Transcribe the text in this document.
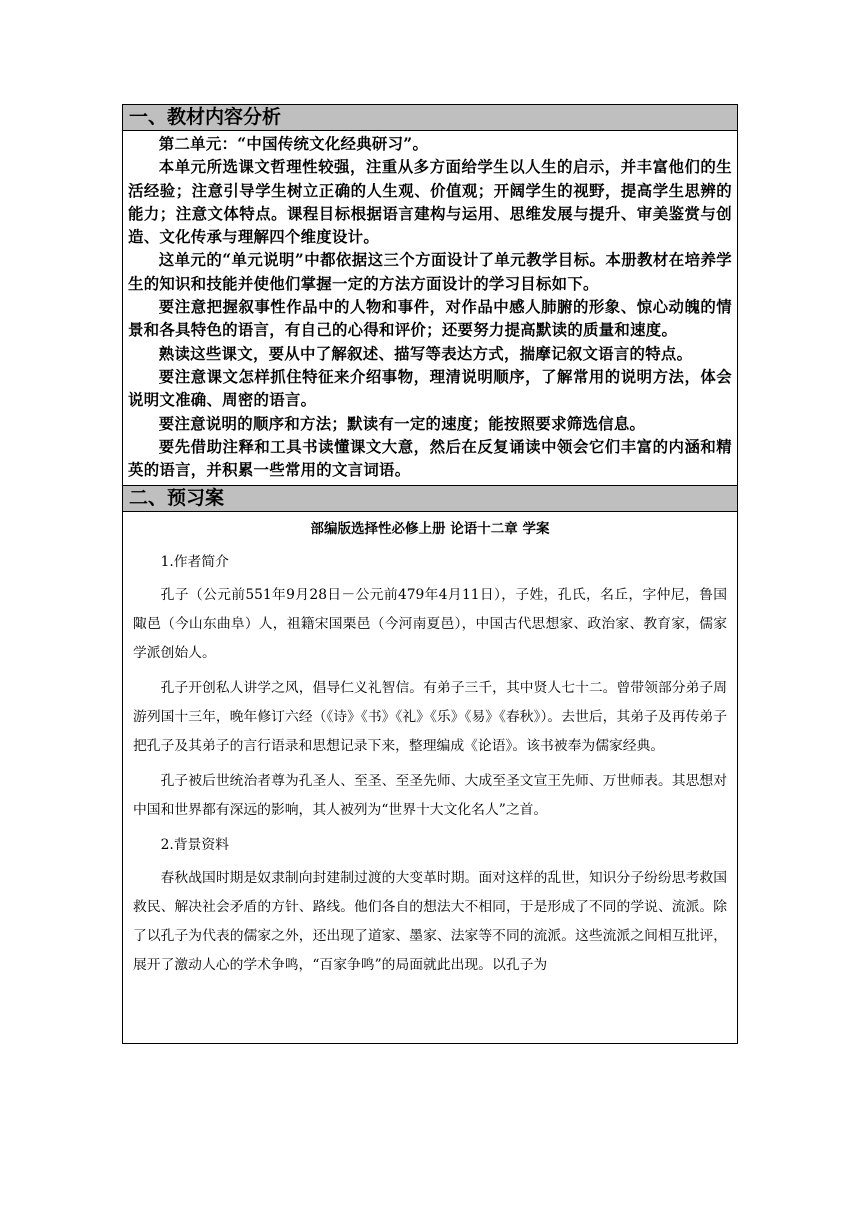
一、教材内容分析

第二单元：“中国传统文化经典研习”。

本单元所选课文哲理性较强，注重从多方面给学生以人生的启示，并丰富他们的生活经验；注意引导学生树立正确的人生观、价值观；开阔学生的视野，提高学生思辨的能力；注意文体特点。课程目标根据语言建构与运用、思维发展与提升、审美鉴赏与创造、文化传承与理解四个维度设计。

这单元的“单元说明”中都依据这三个方面设计了单元教学目标。本册教材在培养学生的知识和技能并使他们掌握一定的方法方面设计的学习目标如下。

要注意把握叙事性作品中的人物和事件，对作品中感人肺腑的形象、惊心动魄的情景和各具特色的语言，有自己的心得和评价；还要努力提高默读的质量和速度。

熟读这些课文，要从中了解叙述、描写等表达方式，揣摩记叙文语言的特点。

要注意课文怎样抓住特征来介绍事物，理清说明顺序，了解常用的说明方法，体会说明文准确、周密的语言。

要注意说明的顺序和方法；默读有一定的速度；能按照要求筛选信息。

要先借助注释和工具书读懂课文大意，然后在反复诵读中领会它们丰富的内涵和精英的语言，并积累一些常用的文言词语。

二、预习案
部编版选择性必修上册 论语十二章 学案

1.作者简介

孔子（公元前551年9月28日－公元前479年4月11日），子姓，孔氏，名丘，字仲尼，鲁国陬邑（今山东曲阜）人，祖籍宋国栗邑（今河南夏邑），中国古代思想家、政治家、教育家，儒家学派创始人。

孔子开创私人讲学之风，倡导仁义礼智信。有弟子三千，其中贤人七十二。曾带领部分弟子周游列国十三年，晚年修订六经（《诗》《书》《礼》《乐》《易》《春秋》）。去世后，其弟子及再传弟子把孔子及其弟子的言行语录和思想记录下来，整理编成《论语》。该书被奉为儒家经典。

孔子被后世统治者尊为孔圣人、至圣、至圣先师、大成至圣文宣王先师、万世师表。其思想对中国和世界都有深远的影响，其人被列为“世界十大文化名人”之首。

2.背景资料

春秋战国时期是奴隶制向封建制过渡的大变革时期。面对这样的乱世，知识分子纷纷思考救国救民、解决社会矛盾的方针、路线。他们各自的想法大不相同，于是形成了不同的学说、流派。除了以孔子为代表的儒家之外，还出现了道家、墨家、法家等不同的流派。这些流派之间相互批评，展开了激动人心的学术争鸣，“百家争鸣”的局面就此出现。以孔子为
